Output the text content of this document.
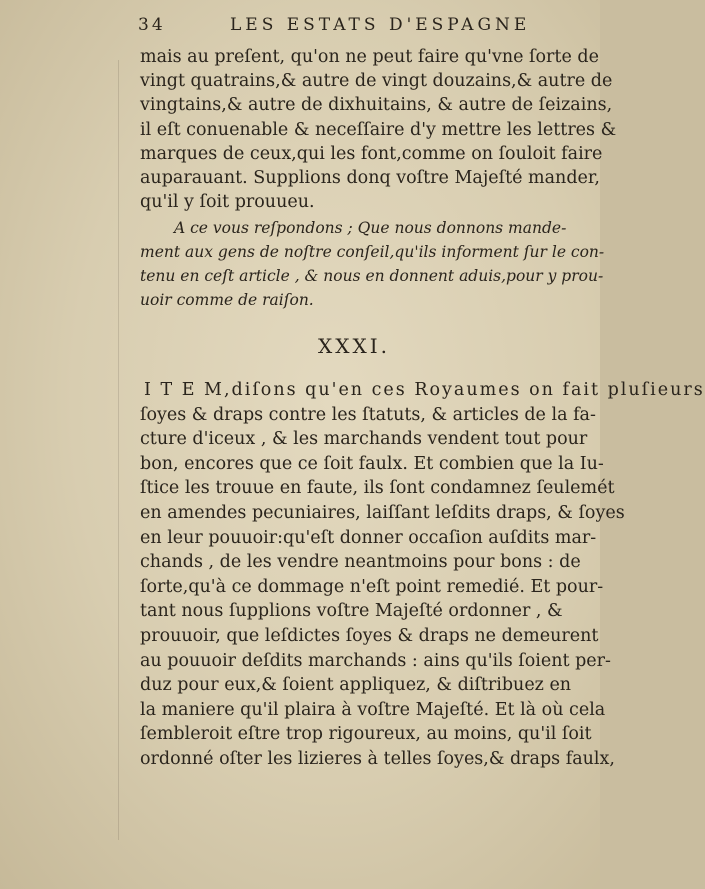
34	LES ESTATS D'ESPAGNE
mais au preſent, qu'on ne peut faire qu'vne ſorte de
vingt quatrains,& autre de vingt douzains,& autre de
vingtains,& autre de dixhuitains, & autre de ſeizains,
il eſt conuenable & neceſſaire d'y mettre les lettres &
marques de ceux,qui les font,comme on ſouloit faire
auparauant. Supplions donq voſtre Majeſté mander,
qu'il y ſoit prouueu.
A ce vous reſpondons ; Que nous donnons mande-
ment aux gens de noſtre conſeil,qu'ils informent ſur le con-
tenu en ceſt article , & nous en donnent aduis,pour y prou-
uoir comme de raiſon.
XXXI.
I T E M,diſons qu'en ces Royaumes on fait pluſieurs
ſoyes & draps contre les ſtatuts, & articles de la fa-
cture d'iceux , & les marchands vendent tout pour
bon, encores que ce ſoit faulx. Et combien que la Iu-
ſtice les trouue en faute, ils ſont condamnez ſeulemét
en amendes pecuniaires, laiſſant leſdits draps, & ſoyes
en leur pouuoir:qu'eſt donner occaſion auſdits mar-
chands , de les vendre neantmoins pour bons : de
ſorte,qu'à ce dommage n'eſt point remedié. Et pour-
tant nous ſupplions voſtre Majeſté ordonner , &
prouuoir, que leſdictes ſoyes & draps ne demeurent
au pouuoir deſdits marchands : ains qu'ils ſoient per-
duz pour eux,& ſoient appliquez, & diſtribuez en
la maniere qu'il plaira à voſtre Majeſté. Et là où cela
ſembleroit eſtre trop rigoureux, au moins, qu'il ſoit
ordonné oſter les lizieres à telles ſoyes,& draps faulx,
